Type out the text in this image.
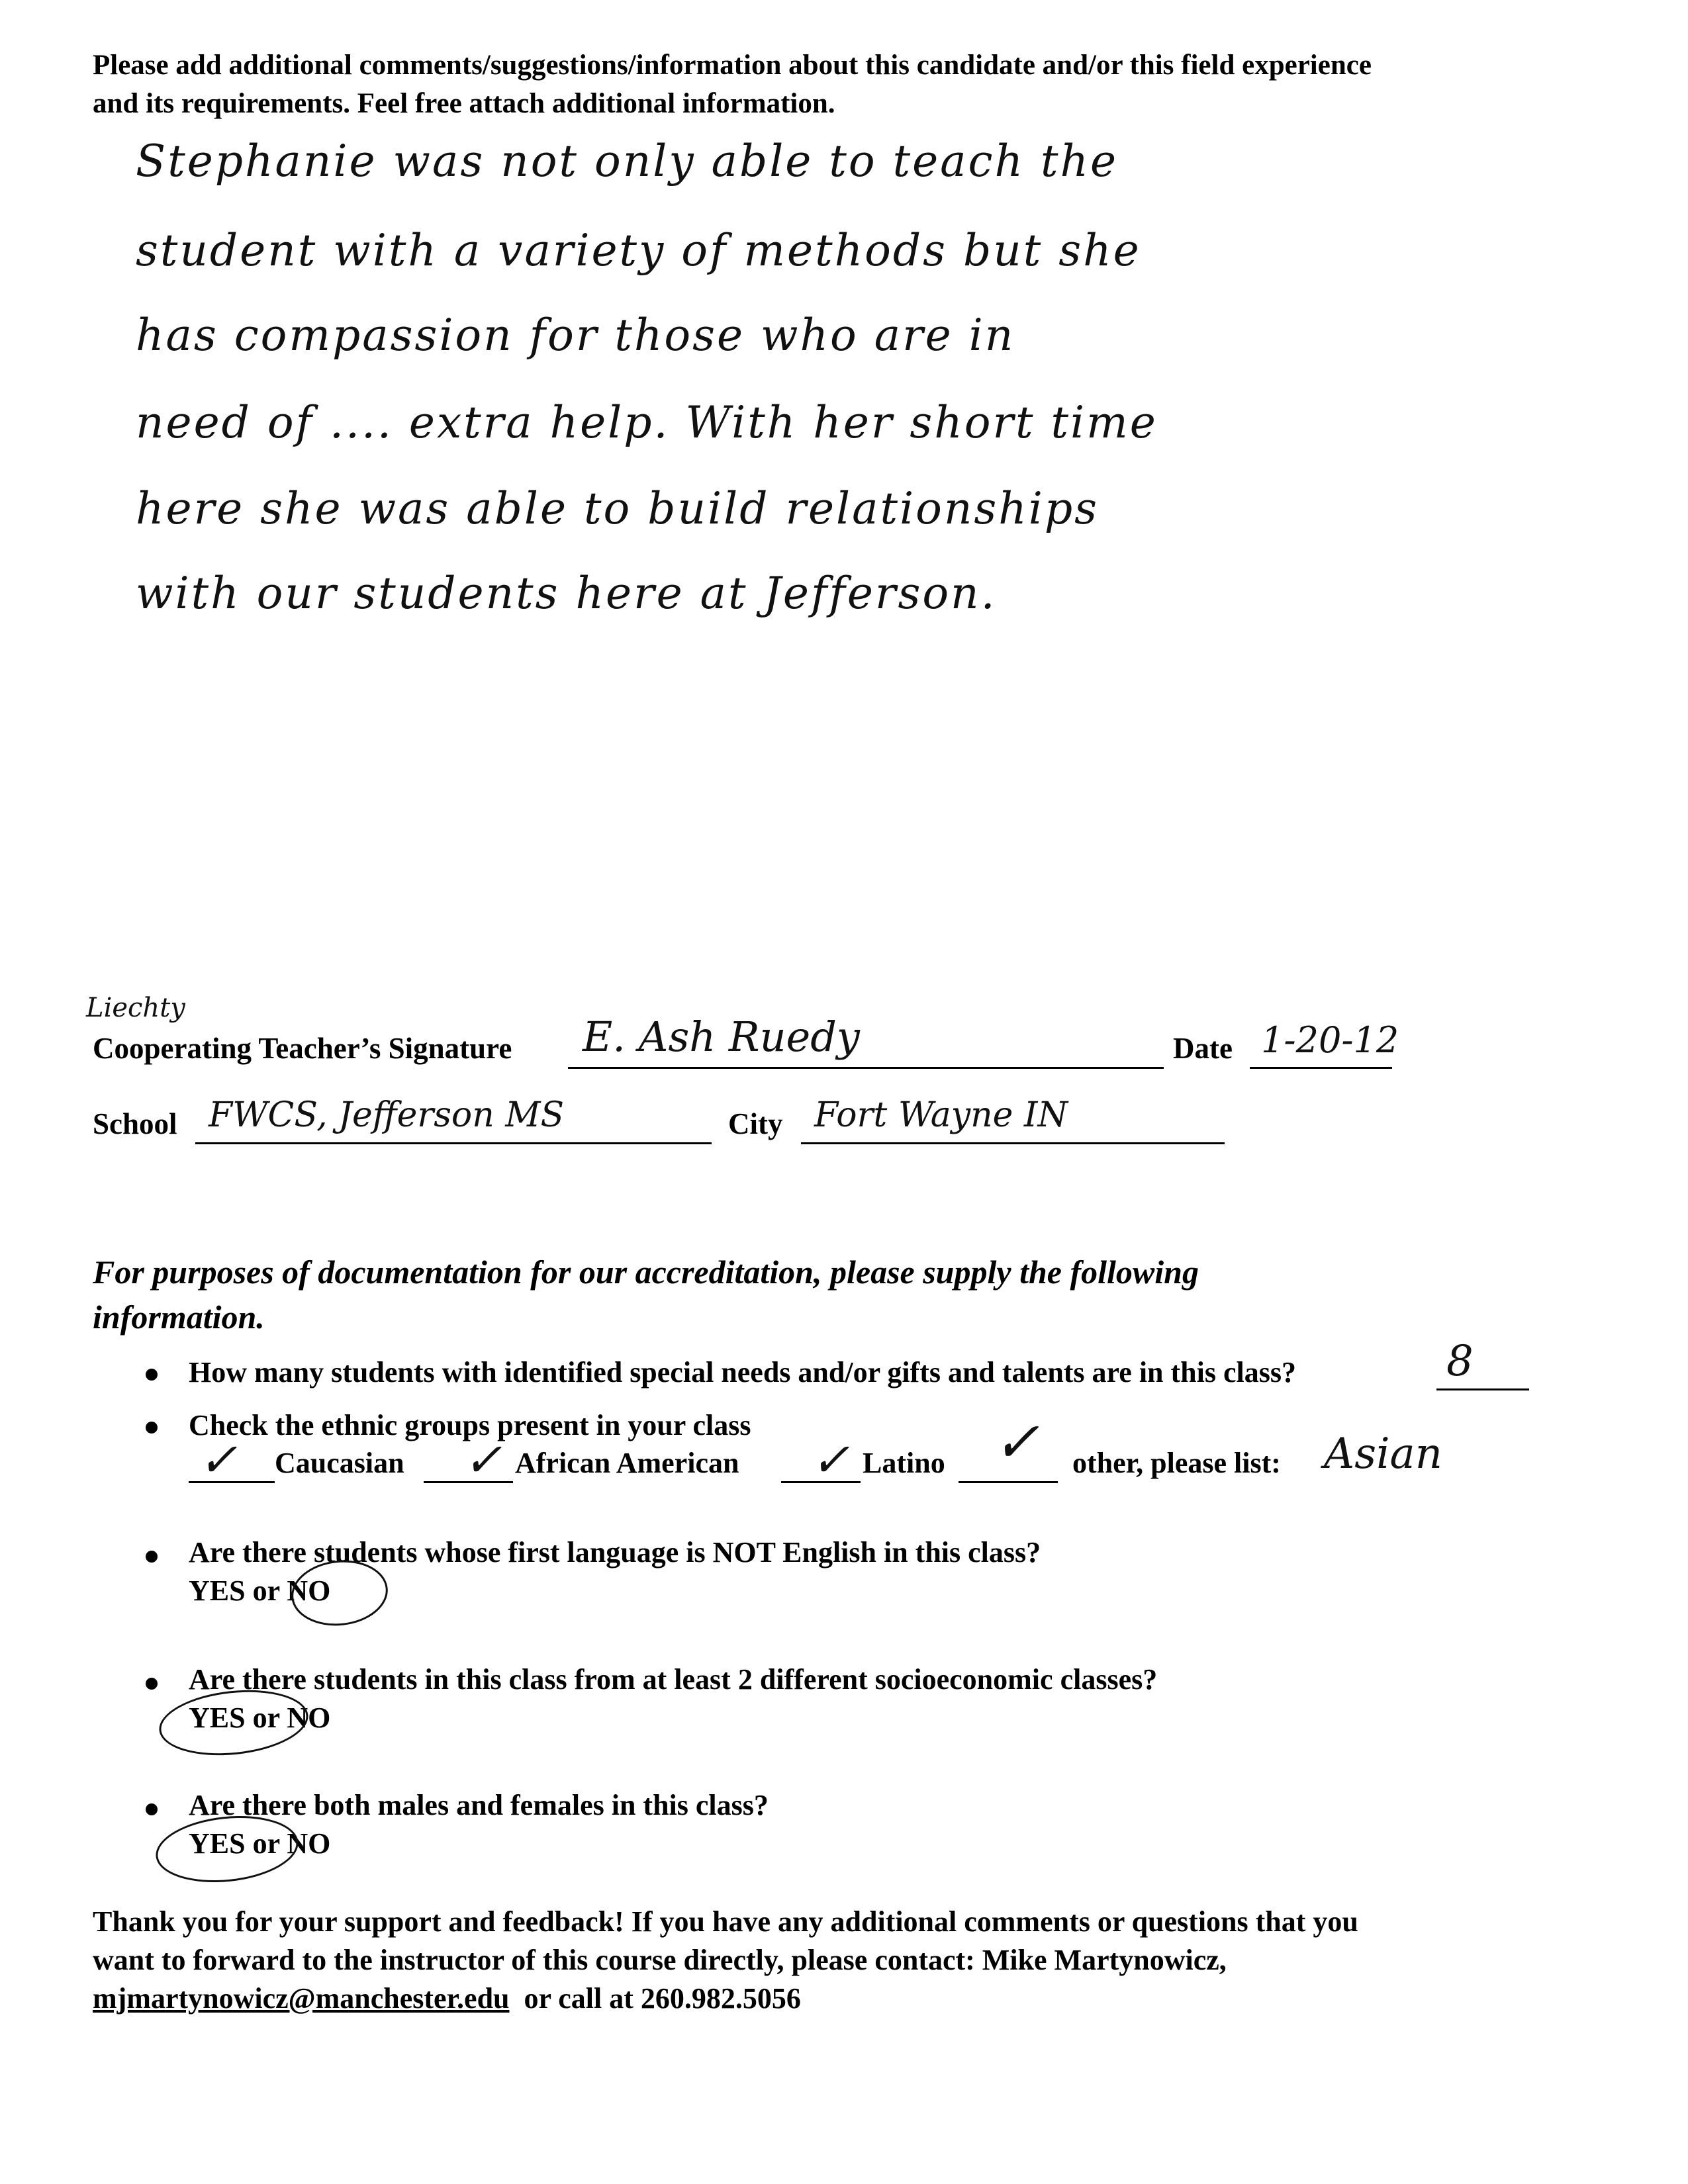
Please add additional comments/suggestions/information about this candidate and/or this field experience
and its requirements. Feel free attach additional information.
Stephanie was not only able to teach the
student with a variety of methods but she
has compassion for those who are in
need of .... extra help. With her short time
here she was able to build relationships
with our students here at Jefferson.
Liechty
Cooperating Teacher’s Signature E. Ash Ruedy	Date 1-20-12
School FWCS, Jefferson MS	City Fort Wayne IN
For purposes of documentation for our accreditation, please supply the following
information.
How many students with identified special needs and/or gifts and talents are in this class?	8
Check the ethnic groups present in your class
✓ Caucasian ✓ African American ✓ Latino ✓ other, please list: Asian
Are there students whose first language is NOT English in this class?
YES or NO
Are there students in this class from at least 2 different socioeconomic classes?
YES or NO
Are there both males and females in this class?
YES or NO
Thank you for your support and feedback! If you have any additional comments or questions that you
want to forward to the instructor of this course directly, please contact: Mike Martynowicz,
mjmartynowicz@manchester.edu  or call at 260.982.5056
